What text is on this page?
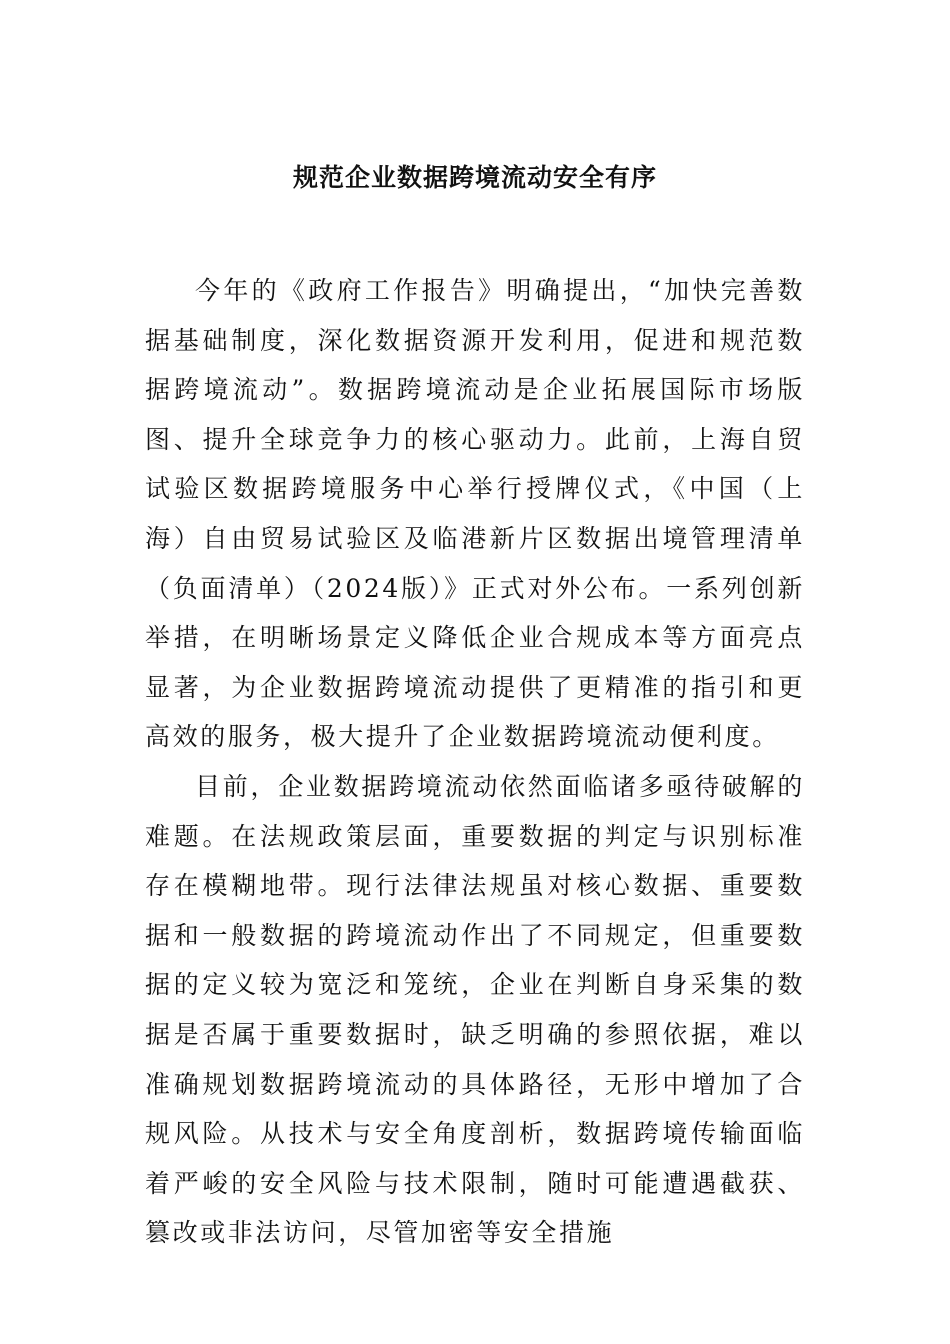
规范企业数据跨境流动安全有序

今年的《政府工作报告》明确提出，“加快完善数据基础制度，深化数据资源开发利用，促进和规范数据跨境流动”。数据跨境流动是企业拓展国际市场版图、提升全球竞争力的核心驱动力。此前，上海自贸试验区数据跨境服务中心举行授牌仪式，《中国（上海）自由贸易试验区及临港新片区数据出境管理清单（负面清单）（2024版）》正式对外公布。一系列创新举措，在明晰场景定义降低企业合规成本等方面亮点显著，为企业数据跨境流动提供了更精准的指引和更高效的服务，极大提升了企业数据跨境流动便利度。

目前，企业数据跨境流动依然面临诸多亟待破解的难题。在法规政策层面，重要数据的判定与识别标准存在模糊地带。现行法律法规虽对核心数据、重要数据和一般数据的跨境流动作出了不同规定，但重要数据的定义较为宽泛和笼统，企业在判断自身采集的数据是否属于重要数据时，缺乏明确的参照依据，难以准确规划数据跨境流动的具体路径，无形中增加了合规风险。从技术与安全角度剖析，数据跨境传输面临着严峻的安全风险与技术限制，随时可能遭遇截获、篡改或非法访问，尽管加密等安全措施
